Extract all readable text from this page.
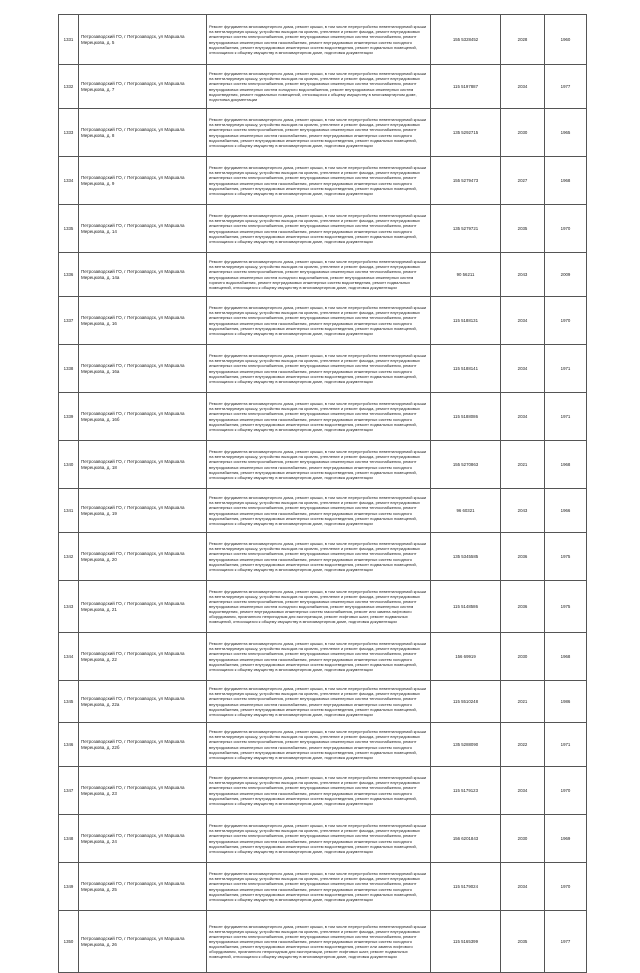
1331	Петрозаводский ГО, г Петрозаводск, ул Маршала Мерецкова, д. 5	Ремонт фундамента многоквартирного дома, ремонт крыши, в том числе переустройство невентилируемой крыши на вентилируемую крышу, устройство выходов на кровлю, утепление и ремонт фасада, ремонт внутридомовых инженерных систем электроснабжения, ремонт внутридомовых инженерных систем теплоснабжения, ремонт внутридомовых инженерных систем газоснабжения, ремонт внутридомовых инженерных систем холодного водоснабжения, ремонт внутридомовых инженерных систем водоотведения, ремонт подвальных помещений, относящихся к общему имуществу в многоквартирном доме, подготовка документации	155 5328452	2028	1960
1332	Петрозаводский ГО, г Петрозаводск, ул Маршала Мерецкова, д. 7	Ремонт фундамента многоквартирного дома, ремонт крыши, в том числе переустройство невентилируемой крыши на вентилируемую крышу, устройство выходов на кровлю, утепление и ремонт фасада, ремонт внутридомовых инженерных систем электроснабжения, ремонт внутридомовых инженерных систем теплоснабжения, ремонт внутридомовых инженерных систем холодного водоснабжения, ремонт внутридомовых инженерных систем водоотведения, ремонт подвальных помещений, относящихся к общему имуществу в многоквартирном доме, подготовка документации	115 5197887	2034	1977
1333	Петрозаводский ГО, г Петрозаводск, ул Маршала Мерецкова, д. 8	Ремонт фундамента многоквартирного дома, ремонт крыши, в том числе переустройство невентилируемой крыши на вентилируемую крышу, устройство выходов на кровлю, утепление и ремонт фасада, ремонт внутридомовых инженерных систем электроснабжения, ремонт внутридомовых инженерных систем теплоснабжения, ремонт внутридомовых инженерных систем газоснабжения, ремонт внутридомовых инженерных систем холодного водоснабжения, ремонт внутридомовых инженерных систем водоотведения, ремонт подвальных помещений, относящихся к общему имуществу в многоквартирном доме, подготовка документации	135 5292715	2030	1965
1334	Петрозаводский ГО, г Петрозаводск, ул Маршала Мерецкова, д. 9	Ремонт фундамента многоквартирного дома, ремонт крыши, в том числе переустройство невентилируемой крыши на вентилируемую крышу, устройство выходов на кровлю, утепление и ремонт фасада, ремонт внутридомовых инженерных систем электроснабжения, ремонт внутридомовых инженерных систем теплоснабжения, ремонт внутридомовых инженерных систем газоснабжения, ремонт внутридомовых инженерных систем холодного водоснабжения, ремонт внутридомовых инженерных систем водоотведения, ремонт подвальных помещений, относящихся к общему имуществу в многоквартирном доме, подготовка документации	155 5279473	2027	1968
1335	Петрозаводский ГО, г Петрозаводск, ул Маршала Мерецкова, д. 14	Ремонт фундамента многоквартирного дома, ремонт крыши, в том числе переустройство невентилируемой крыши на вентилируемую крышу, устройство выходов на кровлю, утепление и ремонт фасада, ремонт внутридомовых инженерных систем электроснабжения, ремонт внутридомовых инженерных систем теплоснабжения, ремонт внутридомовых инженерных систем газоснабжения, ремонт внутридомовых инженерных систем холодного водоснабжения, ремонт внутридомовых инженерных систем водоотведения, ремонт подвальных помещений, относящихся к общему имуществу в многоквартирном доме, подготовка документации	135 5279721	2035	1970
1336	Петрозаводский ГО, г Петрозаводск, ул Маршала Мерецкова, д. 14а	Ремонт фундамента многоквартирного дома, ремонт крыши, в том числе переустройство невентилируемой крыши на вентилируемую крышу, устройство выходов на кровлю, утепление и ремонт фасада, ремонт внутридомовых инженерных систем электроснабжения, ремонт внутридомовых инженерных систем теплоснабжения, ремонт внутридомовых инженерных систем холодного водоснабжения, ремонт внутридомовых инженерных систем горячего водоснабжения, ремонт внутридомовых инженерных систем водоотведения, ремонт подвальных помещений, относящихся к общему имуществу в многоквартирном доме, подготовка документации	90 56211	2043	2009
1337	Петрозаводский ГО, г Петрозаводск, ул Маршала Мерецкова, д. 16	Ремонт фундамента многоквартирного дома, ремонт крыши, в том числе переустройство невентилируемой крыши на вентилируемую крышу, устройство выходов на кровлю, утепление и ремонт фасада, ремонт внутридомовых инженерных систем электроснабжения, ремонт внутридомовых инженерных систем теплоснабжения, ремонт внутридомовых инженерных систем газоснабжения, ремонт внутридомовых инженерных систем холодного водоснабжения, ремонт внутридомовых инженерных систем водоотведения, ремонт подвальных помещений, относящихся к общему имуществу в многоквартирном доме, подготовка документации	115 5188131	2034	1970
1338	Петрозаводский ГО, г Петрозаводск, ул Маршала Мерецкова, д. 16а	Ремонт фундамента многоквартирного дома, ремонт крыши, в том числе переустройство невентилируемой крыши на вентилируемую крышу, устройство выходов на кровлю, утепление и ремонт фасада, ремонт внутридомовых инженерных систем электроснабжения, ремонт внутридомовых инженерных систем теплоснабжения, ремонт внутридомовых инженерных систем газоснабжения, ремонт внутридомовых инженерных систем холодного водоснабжения, ремонт внутридомовых инженерных систем водоотведения, ремонт подвальных помещений, относящихся к общему имуществу в многоквартирном доме, подготовка документации	115 5188141	2034	1971
1339	Петрозаводский ГО, г Петрозаводск, ул Маршала Мерецкова, д. 16б	Ремонт фундамента многоквартирного дома, ремонт крыши, в том числе переустройство невентилируемой крыши на вентилируемую крышу, устройство выходов на кровлю, утепление и ремонт фасада, ремонт внутридомовых инженерных систем электроснабжения, ремонт внутридомовых инженерных систем теплоснабжения, ремонт внутридомовых инженерных систем газоснабжения, ремонт внутридомовых инженерных систем холодного водоснабжения, ремонт внутридомовых инженерных систем водоотведения, ремонт подвальных помещений, относящихся к общему имуществу в многоквартирном доме, подготовка документации	115 5188086	2034	1971
1340	Петрозаводский ГО, г Петрозаводск, ул Маршала Мерецкова, д. 18	Ремонт фундамента многоквартирного дома, ремонт крыши, в том числе переустройство невентилируемой крыши на вентилируемую крышу, устройство выходов на кровлю, утепление и ремонт фасада, ремонт внутридомовых инженерных систем электроснабжения, ремонт внутридомовых инженерных систем теплоснабжения, ремонт внутридомовых инженерных систем газоснабжения, ремонт внутридомовых инженерных систем холодного водоснабжения, ремонт внутридомовых инженерных систем водоотведения, ремонт подвальных помещений, относящихся к общему имуществу в многоквартирном доме, подготовка документации	155 5270863	2021	1968
1341	Петрозаводский ГО, г Петрозаводск, ул Маршала Мерецкова, д. 19	Ремонт фундамента многоквартирного дома, ремонт крыши, в том числе переустройство невентилируемой крыши на вентилируемую крышу, устройство выходов на кровлю, утепление и ремонт фасада, ремонт внутридомовых инженерных систем электроснабжения, ремонт внутридомовых инженерных систем теплоснабжения, ремонт внутридомовых инженерных систем газоснабжения, ремонт внутридомовых инженерных систем холодного водоснабжения, ремонт внутридомовых инженерных систем водоотведения, ремонт подвальных помещений, относящихся к общему имуществу в многоквартирном доме, подготовка документации	96 60321	2043	1966
1342	Петрозаводский ГО, г Петрозаводск, ул Маршала Мерецкова, д. 20	Ремонт фундамента многоквартирного дома, ремонт крыши, в том числе переустройство невентилируемой крыши на вентилируемую крышу, устройство выходов на кровлю, утепление и ремонт фасада, ремонт внутридомовых инженерных систем электроснабжения, ремонт внутридомовых инженерных систем теплоснабжения, ремонт внутридомовых инженерных систем газоснабжения, ремонт внутридомовых инженерных систем холодного водоснабжения, ремонт внутридомовых инженерных систем водоотведения, ремонт подвальных помещений, относящихся к общему имуществу в многоквартирном доме, подготовка документации	135 5345585	2036	1975
1343	Петрозаводский ГО, г Петрозаводск, ул Маршала Мерецкова, д. 21	Ремонт фундамента многоквартирного дома, ремонт крыши, в том числе переустройство невентилируемой крыши на вентилируемую крышу, устройство выходов на кровлю, утепление и ремонт фасада, ремонт внутридомовых инженерных систем электроснабжения, ремонт внутридомовых инженерных систем теплоснабжения, ремонт внутридомовых инженерных систем холодного водоснабжения, ремонт внутридомовых инженерных систем водоотведения, ремонт внутридомовых инженерных систем газоснабжения, ремонт или замена лифтового оборудования, признанного непригодным для эксплуатации, ремонт лифтовых шахт, ремонт подвальных помещений, относящихся к общему имуществу в многоквартирном доме, подготовка документации	115 5148586	2036	1975
1344	Петрозаводский ГО, г Петрозаводск, ул Маршала Мерецкова, д. 22	Ремонт фундамента многоквартирного дома, ремонт крыши, в том числе переустройство невентилируемой крыши на вентилируемую крышу, устройство выходов на кровлю, утепление и ремонт фасада, ремонт внутридомовых инженерных систем электроснабжения, ремонт внутридомовых инженерных систем теплоснабжения, ремонт внутридомовых инженерных систем газоснабжения, ремонт внутридомовых инженерных систем холодного водоснабжения, ремонт внутридомовых инженерных систем водоотведения, ремонт подвальных помещений, относящихся к общему имуществу в многоквартирном доме, подготовка документации	156 69919	2030	1968
1345	Петрозаводский ГО, г Петрозаводск, ул Маршала Мерецкова, д. 22а	Ремонт фундамента многоквартирного дома, ремонт крыши, в том числе переустройство невентилируемой крыши на вентилируемую крышу, устройство выходов на кровлю, утепление и ремонт фасада, ремонт внутридомовых инженерных систем электроснабжения, ремонт внутридомовых инженерных систем теплоснабжения, ремонт внутридомовых инженерных систем газоснабжения, ремонт внутридомовых инженерных систем холодного водоснабжения, ремонт внутридомовых инженерных систем водоотведения, ремонт подвальных помещений, относящихся к общему имуществу в многоквартирном доме, подготовка документации	115 5510248	2021	1986
1346	Петрозаводский ГО, г Петрозаводск, ул Маршала Мерецкова, д. 22б	Ремонт фундамента многоквартирного дома, ремонт крыши, в том числе переустройство невентилируемой крыши на вентилируемую крышу, устройство выходов на кровлю, утепление и ремонт фасада, ремонт внутридомовых инженерных систем электроснабжения, ремонт внутридомовых инженерных систем теплоснабжения, ремонт внутридомовых инженерных систем газоснабжения, ремонт внутридомовых инженерных систем холодного водоснабжения, ремонт внутридомовых инженерных систем водоотведения, ремонт подвальных помещений, относящихся к общему имуществу в многоквартирном доме, подготовка документации	135 5288090	2022	1971
1347	Петрозаводский ГО, г Петрозаводск, ул Маршала Мерецкова, д. 23	Ремонт фундамента многоквартирного дома, ремонт крыши, в том числе переустройство невентилируемой крыши на вентилируемую крышу, устройство выходов на кровлю, утепление и ремонт фасада, ремонт внутридомовых инженерных систем электроснабжения, ремонт внутридомовых инженерных систем теплоснабжения, ремонт внутридомовых инженерных систем газоснабжения, ремонт внутридомовых инженерных систем холодного водоснабжения, ремонт внутридомовых инженерных систем водоотведения, ремонт подвальных помещений, относящихся к общему имуществу в многоквартирном доме, подготовка документации	115 5179123	2034	1970
1348	Петрозаводский ГО, г Петрозаводск, ул Маршала Мерецкова, д. 24	Ремонт фундамента многоквартирного дома, ремонт крыши, в том числе переустройство невентилируемой крыши на вентилируемую крышу, устройство выходов на кровлю, утепление и ремонт фасада, ремонт внутридомовых инженерных систем электроснабжения, ремонт внутридомовых инженерных систем теплоснабжения, ремонт внутридомовых инженерных систем газоснабжения, ремонт внутридомовых инженерных систем холодного водоснабжения, ремонт внутридомовых инженерных систем водоотведения, ремонт подвальных помещений, относящихся к общему имуществу в многоквартирном доме, подготовка документации	156 6201843	2030	1969
1349	Петрозаводский ГО, г Петрозаводск, ул Маршала Мерецкова, д. 25	Ремонт фундамента многоквартирного дома, ремонт крыши, в том числе переустройство невентилируемой крыши на вентилируемую крышу, устройство выходов на кровлю, утепление и ремонт фасада, ремонт внутридомовых инженерных систем электроснабжения, ремонт внутридомовых инженерных систем теплоснабжения, ремонт внутридомовых инженерных систем газоснабжения, ремонт внутридомовых инженерных систем холодного водоснабжения, ремонт внутридомовых инженерных систем водоотведения, ремонт подвальных помещений, относящихся к общему имуществу в многоквартирном доме, подготовка документации	115 5179024	2034	1970
1350	Петрозаводский ГО, г Петрозаводск, ул Маршала Мерецкова, д. 26	Ремонт фундамента многоквартирного дома, ремонт крыши, в том числе переустройство невентилируемой крыши на вентилируемую крышу, устройство выходов на кровлю, утепление и ремонт фасада, ремонт внутридомовых инженерных систем электроснабжения, ремонт внутридомовых инженерных систем теплоснабжения, ремонт внутридомовых инженерных систем газоснабжения, ремонт внутридомовых инженерных систем холодного водоснабжения, ремонт внутридомовых инженерных систем водоотведения, ремонт или замена лифтового оборудования, признанного непригодным для эксплуатации, ремонт лифтовых шахт, ремонт подвальных помещений, относящихся к общему имуществу в многоквартирном доме, подготовка документации	115 5165399	2035	1977
